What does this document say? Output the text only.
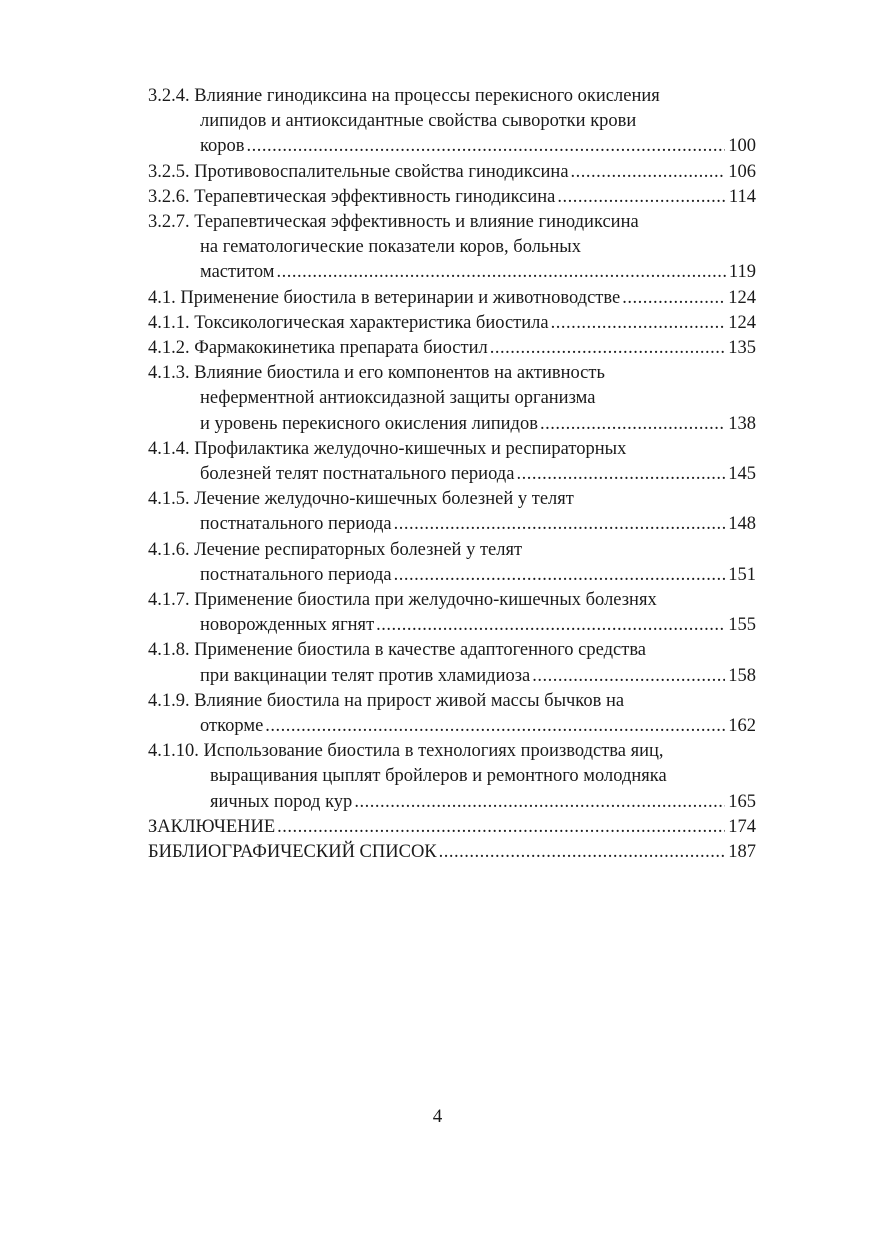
3.2.4. Влияние гинодиксина на процессы перекисного окисления
липидов и антиоксидантные свойства сыворотки крови
коров .....	100
3.2.5. Противовоспалительные свойства гинодиксина .....	106
3.2.6. Терапевтическая эффективность гинодиксина .....	114
3.2.7. Терапевтическая эффективность и влияние гинодиксина
на гематологические показатели коров, больных
маститом .....	119
4.1. Применение биостила в ветеринарии и животноводстве .....	124
4.1.1. Токсикологическая характеристика биостила .....	124
4.1.2. Фармакокинетика препарата биостил .....	135
4.1.3. Влияние биостила и его компонентов на активность
неферментной антиоксидазной защиты организма
и уровень перекисного окисления липидов .....	138
4.1.4. Профилактика желудочно-кишечных и респираторных
болезней телят постнатального периода .....	145
4.1.5. Лечение желудочно-кишечных болезней у телят
постнатального периода .....	148
4.1.6. Лечение респираторных болезней у телят
постнатального периода .....	151
4.1.7. Применение биостила при желудочно-кишечных болезнях
новорожденных ягнят .....	155
4.1.8. Применение биостила в качестве адаптогенного средства
при вакцинации телят против хламидиоза .....	158
4.1.9. Влияние биостила на прирост живой массы бычков на
откорме .....	162
4.1.10. Использование биостила в технологиях производства яиц,
выращивания цыплят бройлеров и ремонтного молодняка
яичных пород кур .....	165
ЗАКЛЮЧЕНИЕ .....	174
БИБЛИОГРАФИЧЕСКИЙ СПИСОК .....	187
4
